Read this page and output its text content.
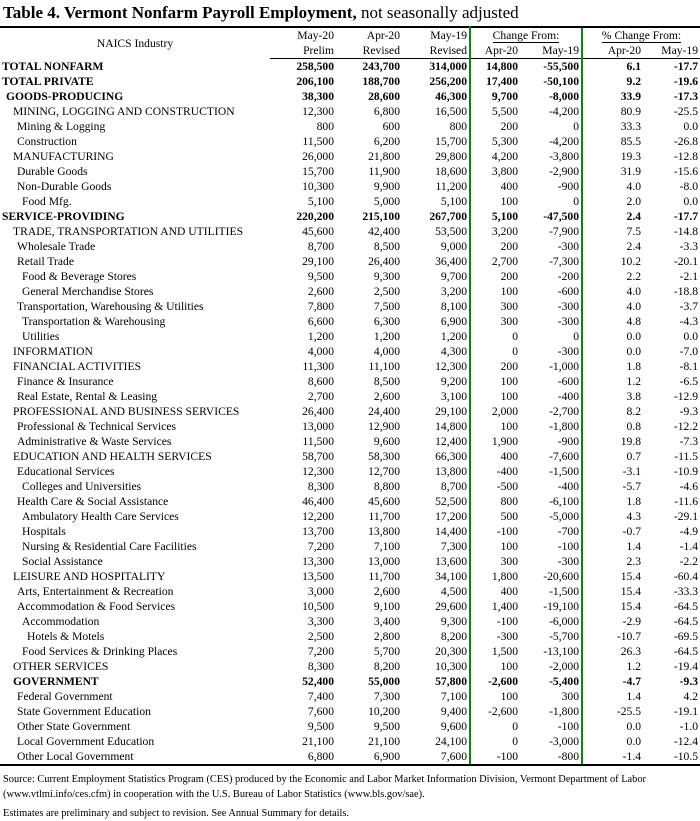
Table 4. Vermont Nonfarm Payroll Employment, not seasonally adjusted
NAICS Industry	May-20	Apr-20	May-19	Change From:		% Change From:	
	Prelim	Revised	Revised	Apr-20	May-19	Apr-20	May-19
TOTAL NONFARM	258,500	243,700	314,000	14,800	-55,500	6.1	-17.7
TOTAL PRIVATE	206,100	188,700	256,200	17,400	-50,100	9.2	-19.6
GOODS-PRODUCING	38,300	28,600	46,300	9,700	-8,000	33.9	-17.3
MINING, LOGGING AND CONSTRUCTION	12,300	6,800	16,500	5,500	-4,200	80.9	-25.5
Mining & Logging	800	600	800	200	0	33.3	0.0
Construction	11,500	6,200	15,700	5,300	-4,200	85.5	-26.8
MANUFACTURING	26,000	21,800	29,800	4,200	-3,800	19.3	-12.8
Durable Goods	15,700	11,900	18,600	3,800	-2,900	31.9	-15.6
Non-Durable Goods	10,300	9,900	11,200	400	-900	4.0	-8.0
Food Mfg.	5,100	5,000	5,100	100	0	2.0	0.0
SERVICE-PROVIDING	220,200	215,100	267,700	5,100	-47,500	2.4	-17.7
TRADE, TRANSPORTATION AND UTILITIES	45,600	42,400	53,500	3,200	-7,900	7.5	-14.8
Wholesale Trade	8,700	8,500	9,000	200	-300	2.4	-3.3
Retail Trade	29,100	26,400	36,400	2,700	-7,300	10.2	-20.1
Food & Beverage Stores	9,500	9,300	9,700	200	-200	2.2	-2.1
General Merchandise Stores	2,600	2,500	3,200	100	-600	4.0	-18.8
Transportation, Warehousing & Utilities	7,800	7,500	8,100	300	-300	4.0	-3.7
Transportation & Warehousing	6,600	6,300	6,900	300	-300	4.8	-4.3
Utilities	1,200	1,200	1,200	0	0	0.0	0.0
INFORMATION	4,000	4,000	4,300	0	-300	0.0	-7.0
FINANCIAL ACTIVITIES	11,300	11,100	12,300	200	-1,000	1.8	-8.1
Finance & Insurance	8,600	8,500	9,200	100	-600	1.2	-6.5
Real Estate, Rental & Leasing	2,700	2,600	3,100	100	-400	3.8	-12.9
PROFESSIONAL AND BUSINESS SERVICES	26,400	24,400	29,100	2,000	-2,700	8.2	-9.3
Professional & Technical Services	13,000	12,900	14,800	100	-1,800	0.8	-12.2
Administrative & Waste Services	11,500	9,600	12,400	1,900	-900	19.8	-7.3
EDUCATION AND HEALTH SERVICES	58,700	58,300	66,300	400	-7,600	0.7	-11.5
Educational Services	12,300	12,700	13,800	-400	-1,500	-3.1	-10.9
Colleges and Universities	8,300	8,800	8,700	-500	-400	-5.7	-4.6
Health Care & Social Assistance	46,400	45,600	52,500	800	-6,100	1.8	-11.6
Ambulatory Health Care Services	12,200	11,700	17,200	500	-5,000	4.3	-29.1
Hospitals	13,700	13,800	14,400	-100	-700	-0.7	-4.9
Nursing & Residential Care Facilities	7,200	7,100	7,300	100	-100	1.4	-1.4
Social Assistance	13,300	13,000	13,600	300	-300	2.3	-2.2
LEISURE AND HOSPITALITY	13,500	11,700	34,100	1,800	-20,600	15.4	-60.4
Arts, Entertainment & Recreation	3,000	2,600	4,500	400	-1,500	15.4	-33.3
Accommodation & Food Services	10,500	9,100	29,600	1,400	-19,100	15.4	-64.5
Accommodation	3,300	3,400	9,300	-100	-6,000	-2.9	-64.5
Hotels & Motels	2,500	2,800	8,200	-300	-5,700	-10.7	-69.5
Food Services & Drinking Places	7,200	5,700	20,300	1,500	-13,100	26.3	-64.5
OTHER SERVICES	8,300	8,200	10,300	100	-2,000	1.2	-19.4
GOVERNMENT	52,400	55,000	57,800	-2,600	-5,400	-4.7	-9.3
Federal Government	7,400	7,300	7,100	100	300	1.4	4.2
State Government Education	7,600	10,200	9,400	-2,600	-1,800	-25.5	-19.1
Other State Government	9,500	9,500	9,600	0	-100	0.0	-1.0
Local Government Education	21,100	21,100	24,100	0	-3,000	0.0	-12.4
Other Local Government	6,800	6,900	7,600	-100	-800	-1.4	-10.5

Source: Current Employment Statistics Program (CES) produced by the Economic and Labor Market Information Division, Vermont Department of Labor

(www.vtlmi.info/ces.cfm) in cooperation with the U.S. Bureau of Labor Statistics (www.bls.gov/sae).

Estimates are preliminary and subject to revision. See Annual Summary for details.
